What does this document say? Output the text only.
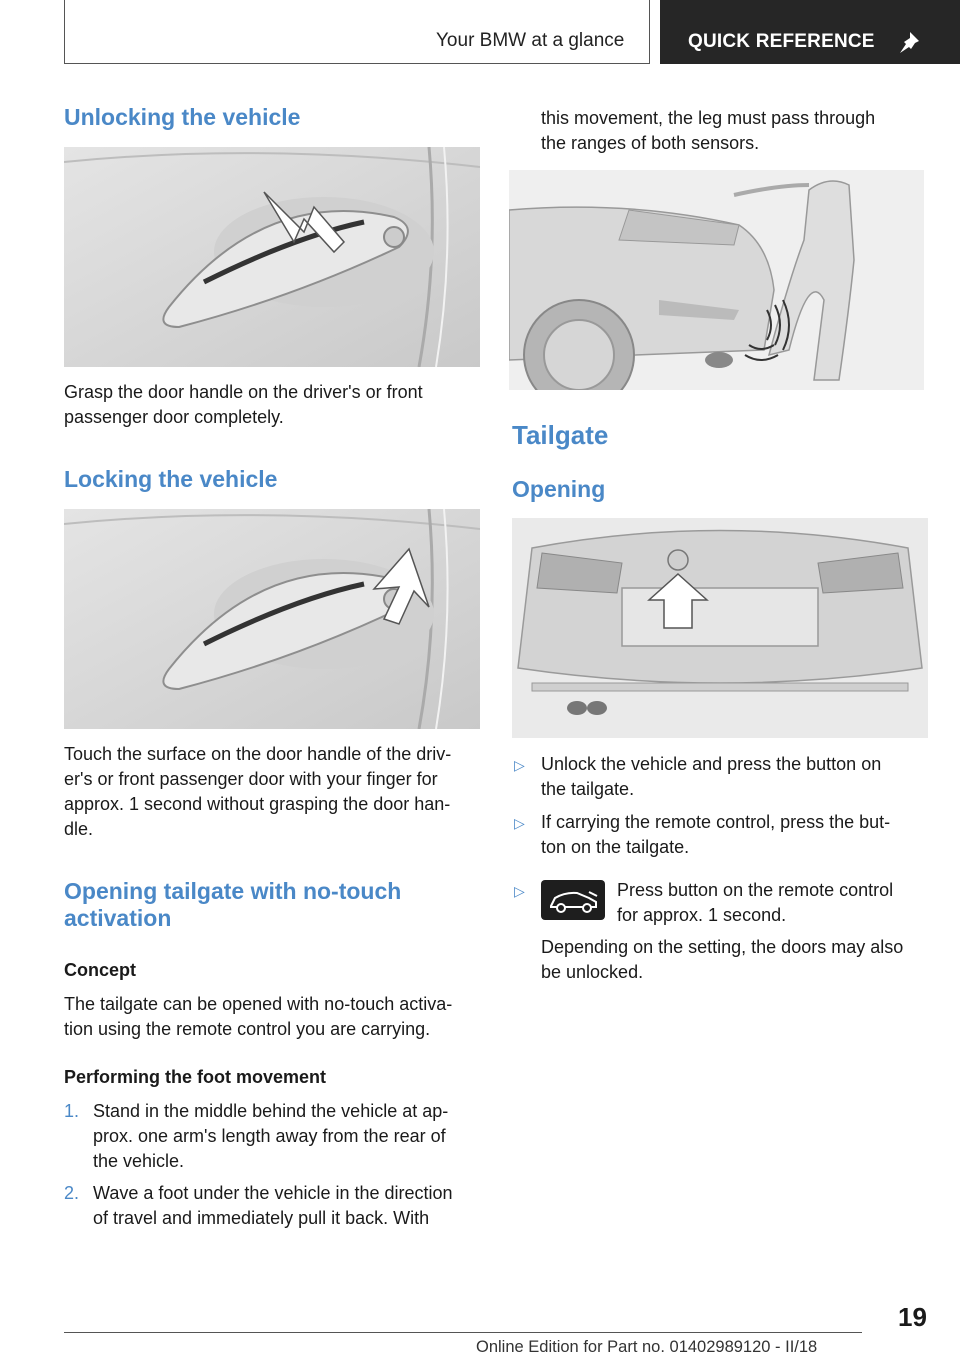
Your BMW at a glance	QUICK REFERENCE
Unlocking the vehicle
Grasp the door handle on the driver's or front
passenger door completely.
Locking the vehicle
Touch the surface on the door handle of the driv‐
er's or front passenger door with your finger for
approx. 1 second without grasping the door han‐
dle.
Opening tailgate with no‐touch
activation
Concept
The tailgate can be opened with no‐touch activa‐
tion using the remote control you are carrying.
Performing the foot movement
1. Stand in the middle behind the vehicle at ap‐
prox. one arm's length away from the rear of
the vehicle.
2. Wave a foot under the vehicle in the direction
of travel and immediately pull it back. With
this movement, the leg must pass through
the ranges of both sensors.
Tailgate
Opening
▷ Unlock the vehicle and press the button on
the tailgate.
▷ If carrying the remote control, press the but‐
ton on the tailgate.
▷	Press button on the remote control
for approx. 1 second.
Depending on the setting, the doors may also
be unlocked.
19
Online Edition for Part no. 01402989120 - II/18
